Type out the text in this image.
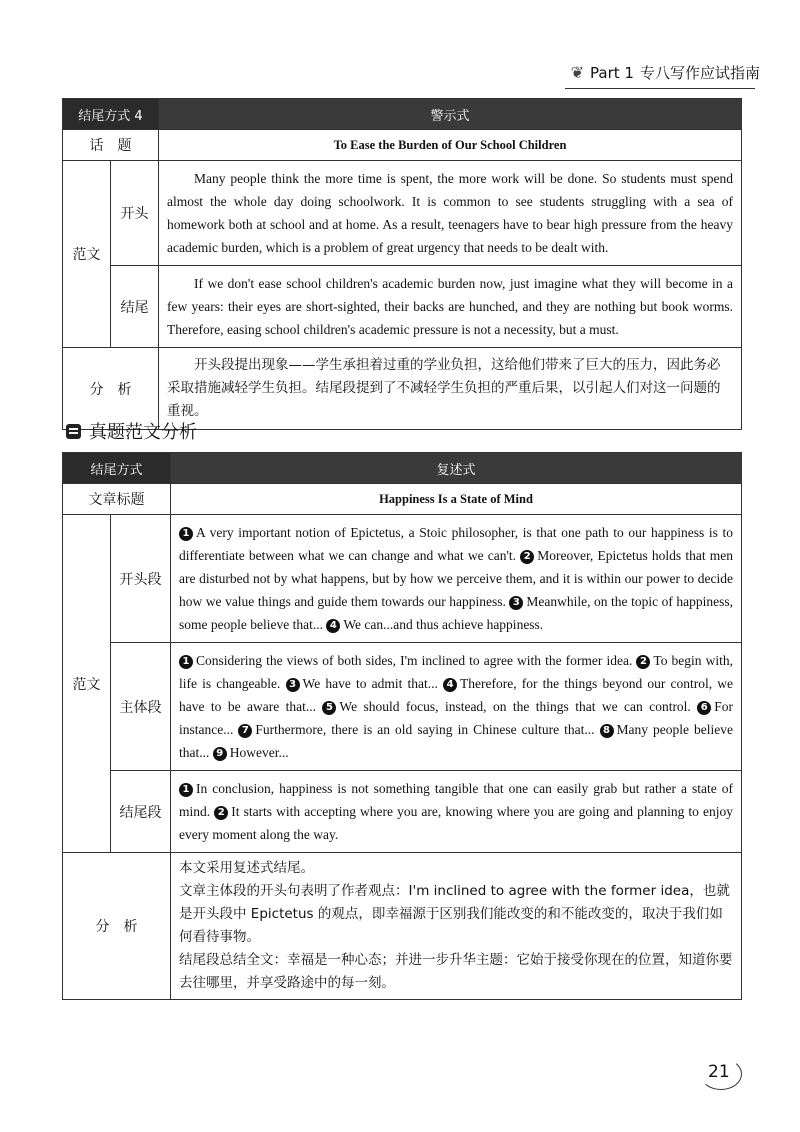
❦ Part 1 专八写作应试指南
结尾方式 4		警示式
话　题		To Ease the Burden of Our School Children
范文	开头	Many people think the more time is spent, the more work will be done. So students must spend almost the whole day doing schoolwork. It is common to see students struggling with a sea of homework both at school and at home. As a result, teenagers have to bear high pressure from the heavy academic burden, which is a problem of great urgency that needs to be dealt with.
	结尾	If we don't ease school children's academic burden now, just imagine what they will become in a few years: their eyes are short-sighted, their backs are hunched, and they are nothing but book worms. Therefore, easing school children's academic pressure is not a necessity, but a must.
分　析		开头段提出现象——学生承担着过重的学业负担，这给他们带来了巨大的压力，因此务必采取措施减轻学生负担。结尾段提到了不减轻学生负担的严重后果，以引起人们对这一问题的重视。
真题范文分析
结尾方式		复述式
文章标题		Happiness Is a State of Mind
范文	开头段	1 A very important notion of Epictetus, a Stoic philosopher, is that one path to our happiness is to differentiate between what we can change and what we can't. 2 Moreover, Epictetus holds that men are disturbed not by what happens, but by how we perceive them, and it is within our power to decide how we value things and guide them towards our happiness. 3 Meanwhile, on the topic of happiness, some people believe that... 4 We can...and thus achieve happiness.
	主体段	1 Considering the views of both sides, I'm inclined to agree with the former idea. 2 To begin with, life is changeable. 3 We have to admit that... 4 Therefore, for the things beyond our control, we have to be aware that... 5 We should focus, instead, on the things that we can control. 6 For instance... 7 Furthermore, there is an old saying in Chinese culture that... 8 Many people believe that... 9 However...
	结尾段	1 In conclusion, happiness is not something tangible that one can easily grab but rather a state of mind. 2 It starts with accepting where you are, knowing where you are going and planning to enjoy every moment along the way.
分　析		本文采用复述式结尾。
文章主体段的开头句表明了作者观点：I'm inclined to agree with the former idea，也就是开头段中 Epictetus 的观点，即幸福源于区别我们能改变的和不能改变的，取决于我们如何看待事物。
结尾段总结全文：幸福是一种心态；并进一步升华主题：它始于接受你现在的位置，知道你要去往哪里，并享受路途中的每一刻。
21
